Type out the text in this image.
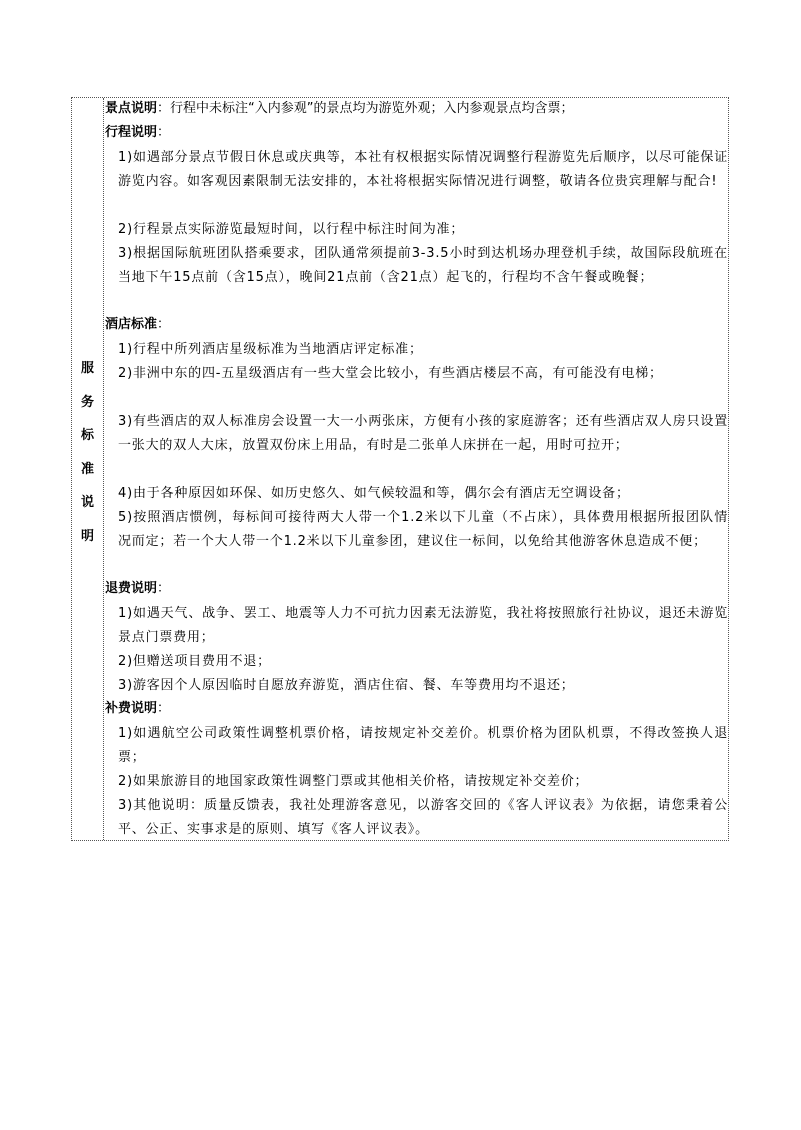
服
务
标
准
说
明
景点说明：行程中未标注“入内参观”的景点均为游览外观；入内参观景点均含票；
行程说明：
1)如遇部分景点节假日休息或庆典等，本社有权根据实际情况调整行程游览先后顺序，以尽可能保证游览内容。如客观因素限制无法安排的，本社将根据实际情况进行调整，敬请各位贵宾理解与配合!
2)行程景点实际游览最短时间，以行程中标注时间为准；
3)根据国际航班团队搭乘要求，团队通常须提前3-3.5小时到达机场办理登机手续，故国际段航班在当地下午15点前（含15点），晚间21点前（含21点）起飞的，行程均不含午餐或晚餐；
酒店标准：
1)行程中所列酒店星级标准为当地酒店评定标准；
2)非洲中东的四-五星级酒店有一些大堂会比较小，有些酒店楼层不高，有可能没有电梯；
3)有些酒店的双人标准房会设置一大一小两张床，方便有小孩的家庭游客；还有些酒店双人房只设置一张大的双人大床，放置双份床上用品，有时是二张单人床拼在一起，用时可拉开；
4)由于各种原因如环保、如历史悠久、如气候较温和等，偶尔会有酒店无空调设备；
5)按照酒店惯例，每标间可接待两大人带一个1.2米以下儿童（不占床），具体费用根据所报团队情况而定；若一个大人带一个1.2米以下儿童参团，建议住一标间，以免给其他游客休息造成不便；
退费说明：
1)如遇天气、战争、罢工、地震等人力不可抗力因素无法游览，我社将按照旅行社协议，退还未游览景点门票费用；
2)但赠送项目费用不退；
3)游客因个人原因临时自愿放弃游览，酒店住宿、餐、车等费用均不退还；
补费说明：
1)如遇航空公司政策性调整机票价格，请按规定补交差价。机票价格为团队机票，不得改签换人退票；
2)如果旅游目的地国家政策性调整门票或其他相关价格，请按规定补交差价；
3)其他说明：质量反馈表，我社处理游客意见，以游客交回的《客人评议表》为依据，请您秉着公平、公正、实事求是的原则、填写《客人评议表》。
